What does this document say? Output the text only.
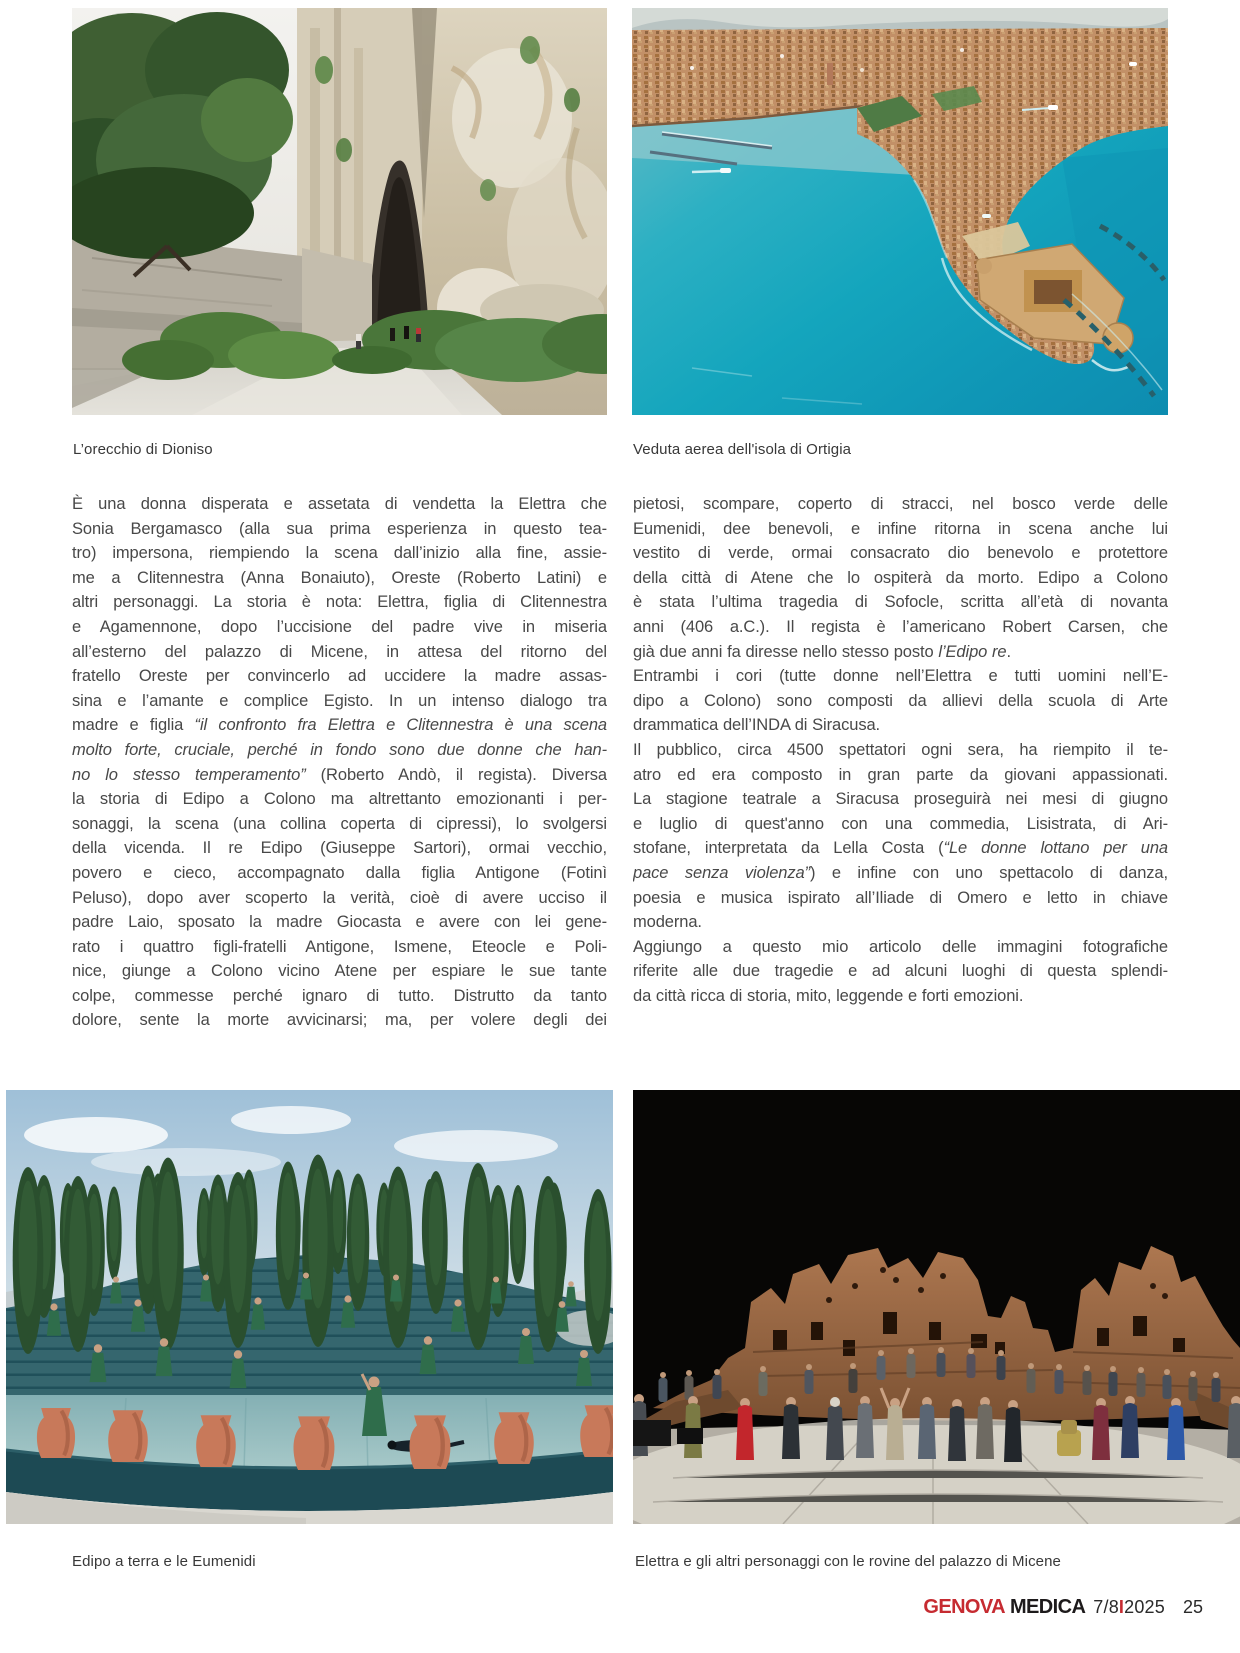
L’orecchio di Dioniso	Veduta aerea dell'isola di Ortigia
È una donna disperata e assetata di vendetta la Elettra che
Sonia Bergamasco (alla sua prima esperienza in questo tea-
tro) impersona, riempiendo la scena dall’inizio alla fine, assie-
me a Clitennestra (Anna Bonaiuto), Oreste (Roberto Latini) e
altri personaggi. La storia è nota: Elettra, figlia di Clitennestra
e Agamennone, dopo l’uccisione del padre vive in miseria
all’esterno del palazzo di Micene, in attesa del ritorno del
fratello Oreste per convincerlo ad uccidere la madre assas-
sina e l’amante e complice Egisto. In un intenso dialogo tra
madre e figlia “il confronto fra Elettra e Clitennestra è una scena
molto forte, cruciale, perché in fondo sono due donne che han-
no lo stesso temperamento” (Roberto Andò, il regista). Diversa
la storia di Edipo a Colono ma altrettanto emozionanti i per-
sonaggi, la scena (una collina coperta di cipressi), lo svolgersi
della vicenda. Il re Edipo (Giuseppe Sartori), ormai vecchio,
povero e cieco, accompagnato dalla figlia Antigone (Fotinì
Peluso), dopo aver scoperto la verità, cioè di avere ucciso il
padre Laio, sposato la madre Giocasta e avere con lei gene-
rato i quattro figli-fratelli Antigone, Ismene, Eteocle e Poli-
nice, giunge a Colono vicino Atene per espiare le sue tante
colpe, commesse perché ignaro di tutto. Distrutto da tanto
dolore, sente la morte avvicinarsi; ma, per volere degli dei
pietosi, scompare, coperto di stracci, nel bosco verde delle
Eumenidi, dee benevoli, e infine ritorna in scena anche lui
vestito di verde, ormai consacrato dio benevolo e protettore
della città di Atene che lo ospiterà da morto. Edipo a Colono
è stata l’ultima tragedia di Sofocle, scritta all’età di novanta
anni (406 a.C.). Il regista è l’americano Robert Carsen, che
già due anni fa diresse nello stesso posto l’Edipo re.
Entrambi i cori (tutte donne nell’Elettra e tutti uomini nell’E-
dipo a Colono) sono composti da allievi della scuola di Arte
drammatica dell’INDA di Siracusa.
Il pubblico, circa 4500 spettatori ogni sera, ha riempito il te-
atro ed era composto in gran parte da giovani appassionati.
La stagione teatrale a Siracusa proseguirà nei mesi di giugno
e luglio di quest'anno con una commedia, Lisistrata, di Ari-
stofane, interpretata da Lella Costa (“Le donne lottano per una
pace senza violenza”) e infine con uno spettacolo di danza,
poesia e musica ispirato all’Iliade di Omero e letto in chiave
moderna.
Aggiungo a questo mio articolo delle immagini fotografiche
riferite alle due tragedie e ad alcuni luoghi di questa splendi-
da città ricca di storia, mito, leggende e forti emozioni.
Edipo a terra e le Eumenidi	Elettra e gli altri personaggi con le rovine del palazzo di Micene
GENOVA MEDICA 7/8I2025 25
